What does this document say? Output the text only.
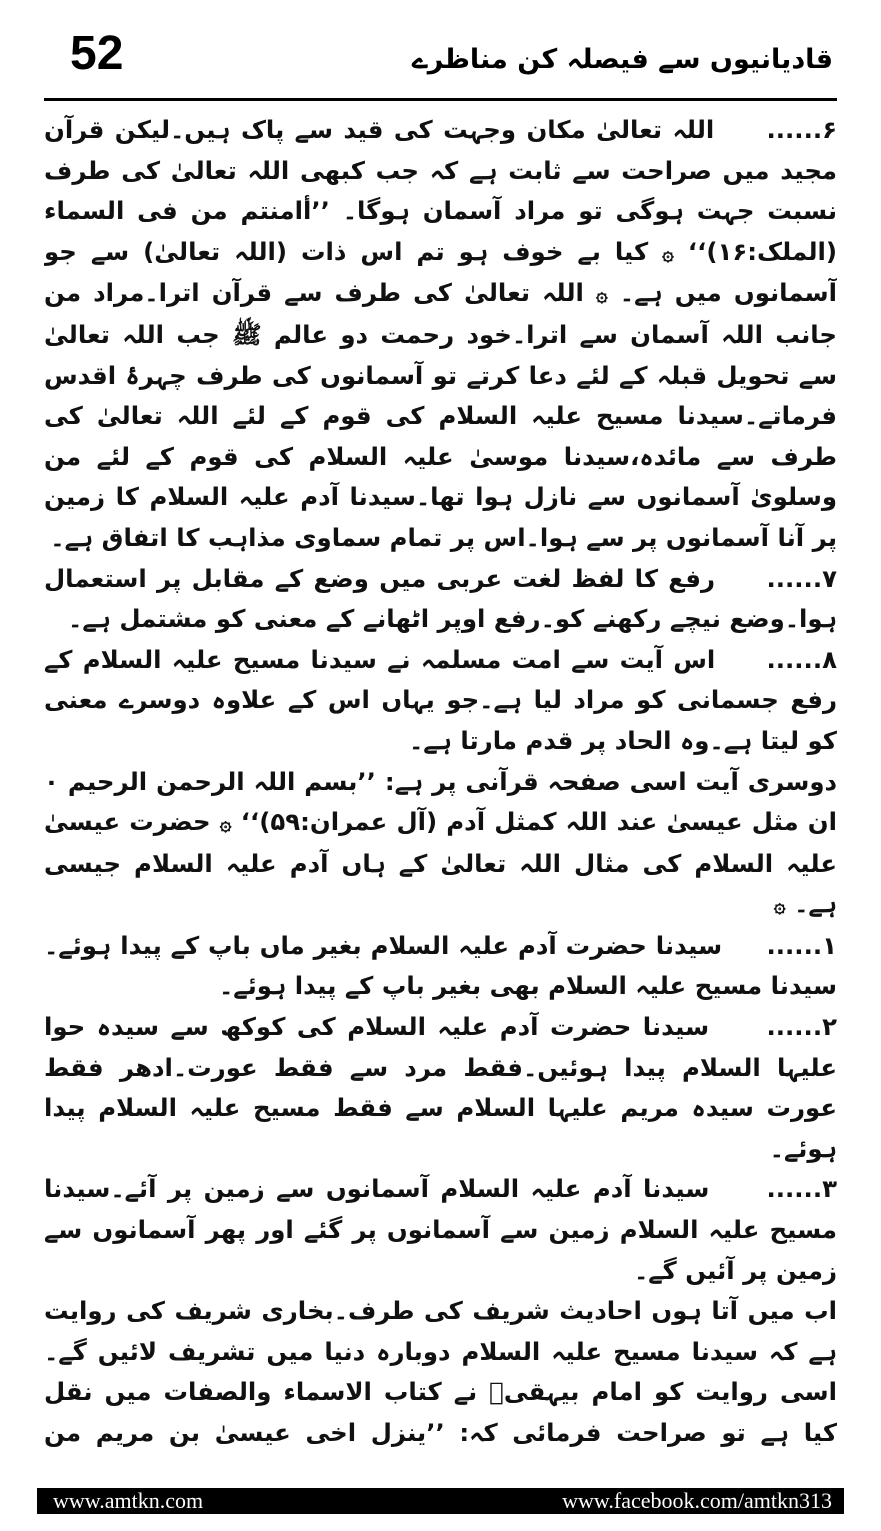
52	قادیانیوں سے فیصلہ کن مناظرے

۶......     اللہ تعالیٰ مکان وجہت کی قید سے پاک ہیں۔لیکن قرآن مجید میں صراحت سے ثابت ہے کہ جب کبھی اللہ تعالیٰ کی طرف نسبت جہت ہوگی تو مراد آسمان ہوگا۔ ’’أامنتم من فی السماء (الملک:۱۶)‘‘ ۞ کیا بے خوف ہو تم اس ذات (اللہ تعالیٰ) سے جو آسمانوں میں ہے۔ ۞ اللہ تعالیٰ کی طرف سے قرآن اترا۔مراد من جانب اللہ آسمان سے اترا۔خود رحمت دو عالم ﷺ جب اللہ تعالیٰ سے تحویل قبلہ کے لئے دعا کرتے تو آسمانوں کی طرف چہرۂ اقدس فرماتے۔سیدنا مسیح علیہ السلام کی قوم کے لئے اللہ تعالیٰ کی طرف سے مائدہ،سیدنا موسیٰ علیہ السلام کی قوم کے لئے من وسلویٰ آسمانوں سے نازل ہوا تھا۔سیدنا آدم علیہ السلام کا زمین پر آنا آسمانوں پر سے ہوا۔اس پر تمام سماوی مذاہب کا اتفاق ہے۔

۷......     رفع کا لفظ لغت عربی میں وضع کے مقابل پر استعمال ہوا۔وضع نیچے رکھنے کو۔رفع اوپر اٹھانے کے معنی کو مشتمل ہے۔

۸......     اس آیت سے امت مسلمہ نے سیدنا مسیح علیہ السلام کے رفع جسمانی کو مراد لیا ہے۔جو یہاں اس کے علاوہ دوسرے معنی کو لیتا ہے۔وہ الحاد پر قدم مارتا ہے۔

دوسری آیت اسی صفحہ قرآنی پر ہے: ’’بسم اللہ الرحمن الرحیم ۰ ان مثل عیسیٰ عند اللہ کمثل آدم (آل عمران:۵۹)‘‘ ۞ حضرت عیسیٰ علیہ السلام کی مثال اللہ تعالیٰ کے ہاں آدم علیہ السلام جیسی ہے۔ ۞

۱......     سیدنا حضرت آدم علیہ السلام بغیر ماں باپ کے پیدا ہوئے۔سیدنا مسیح علیہ السلام بھی بغیر باپ کے پیدا ہوئے۔

۲......     سیدنا حضرت آدم علیہ السلام کی کوکھ سے سیدہ حوا علیہا السلام پیدا ہوئیں۔فقط مرد سے فقط عورت۔ادھر فقط عورت سیدہ مریم علیہا السلام سے فقط مسیح علیہ السلام پیدا ہوئے۔

۳......     سیدنا آدم علیہ السلام آسمانوں سے زمین پر آئے۔سیدنا مسیح علیہ السلام زمین سے آسمانوں پر گئے اور پھر آسمانوں سے زمین پر آئیں گے۔

اب میں آتا ہوں احادیث شریف کی طرف۔بخاری شریف کی روایت ہے کہ سیدنا مسیح علیہ السلام دوبارہ دنیا میں تشریف لائیں گے۔اسی روایت کو امام بیہقیؒ نے کتاب الاسماء والصفات میں نقل کیا ہے تو صراحت فرمائی کہ: ’’ینزل اخی عیسیٰ بن مریم من

www.amtkn.com	www.facebook.com/amtkn313
